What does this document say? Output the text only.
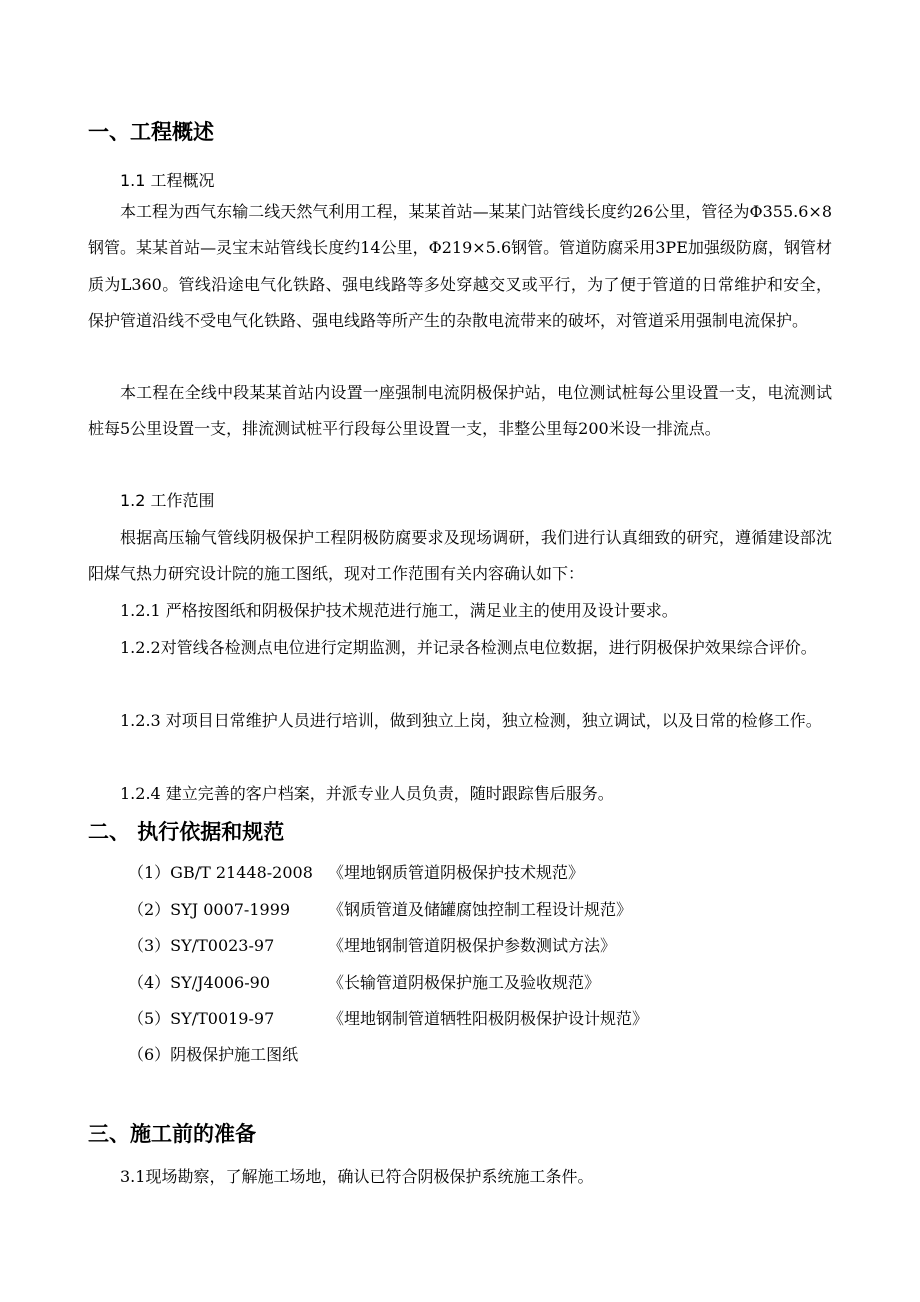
一、工程概述
1.1 工程概况

本工程为西气东输二线天然气利用工程，某某首站—某某门站管线长度约26公里，管径为Φ355.6×8钢管。某某首站—灵宝末站管线长度约14公里，Φ219×5.6钢管。管道防腐采用3PE加强级防腐，钢管材质为L360。管线沿途电气化铁路、强电线路等多处穿越交叉或平行，为了便于管道的日常维护和安全，保护管道沿线不受电气化铁路、强电线路等所产生的杂散电流带来的破坏，对管道采用强制电流保护。

本工程在全线中段某某首站内设置一座强制电流阴极保护站，电位测试桩每公里设置一支，电流测试桩每5公里设置一支，排流测试桩平行段每公里设置一支，非整公里每200米设一排流点。

1.2 工作范围

根据高压输气管线阴极保护工程阴极防腐要求及现场调研，我们进行认真细致的研究，遵循建设部沈阳煤气热力研究设计院的施工图纸，现对工作范围有关内容确认如下：

1.2.1 严格按图纸和阴极保护技术规范进行施工，满足业主的使用及设计要求。

1.2.2对管线各检测点电位进行定期监测，并记录各检测点电位数据，进行阴极保护效果综合评价。

1.2.3 对项目日常维护人员进行培训，做到独立上岗，独立检测，独立调试，以及日常的检修工作。

1.2.4 建立完善的客户档案，并派专业人员负责，随时跟踪售后服务。

二、 执行依据和规范
（1）GB/T 21448-2008 《埋地钢质管道阴极保护技术规范》
（2）SYJ 0007-1999 《钢质管道及储罐腐蚀控制工程设计规范》
（3）SY/T0023-97	《埋地钢制管道阴极保护参数测试方法》
（4）SY/J4006-90	《长输管道阴极保护施工及验收规范》
（5）SY/T0019-97	《埋地钢制管道牺牲阳极阴极保护设计规范》
（6）阴极保护施工图纸
三、施工前的准备
3.1现场勘察，了解施工场地，确认已符合阴极保护系统施工条件。
